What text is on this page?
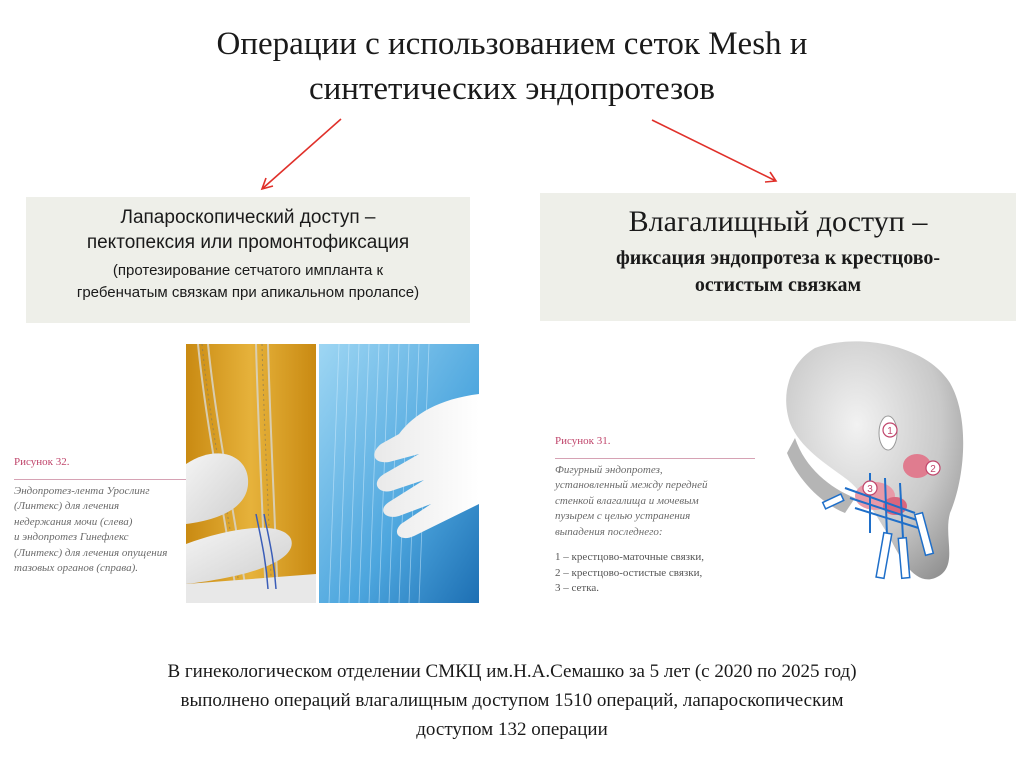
Операции с использованием сеток Mesh и
синтетических эндопротезов
Лапароскопический доступ –
пектопексия или промонтофиксация
(протезирование сетчатого импланта к
гребенчатым связкам при апикальном пролапсе)
Влагалищный доступ –
фиксация эндопротеза к крестцово-
остистым связкам
Рисунок 32.
Эндопротез-лента Урослинг
(Линтекс) для лечения
недержания мочи (слева)
и эндопротез Гинефлекс
(Линтекс) для лечения опущения
тазовых органов (справа).
Рисунок 31.
Фигурный эндопротез,
установленный между передней
стенкой влагалища и мочевым
пузырем с целью устранения
выпадения последнего:
1 – крестцово-маточные связки,
2 – крестцово-остистые связки,
3 – сетка.
1
2
3
В гинекологическом отделении СМКЦ им.Н.А.Семашко за 5 лет (с 2020 по 2025 год)
выполнено операций влагалищным доступом 1510 операций, лапароскопическим
доступом 132 операции
